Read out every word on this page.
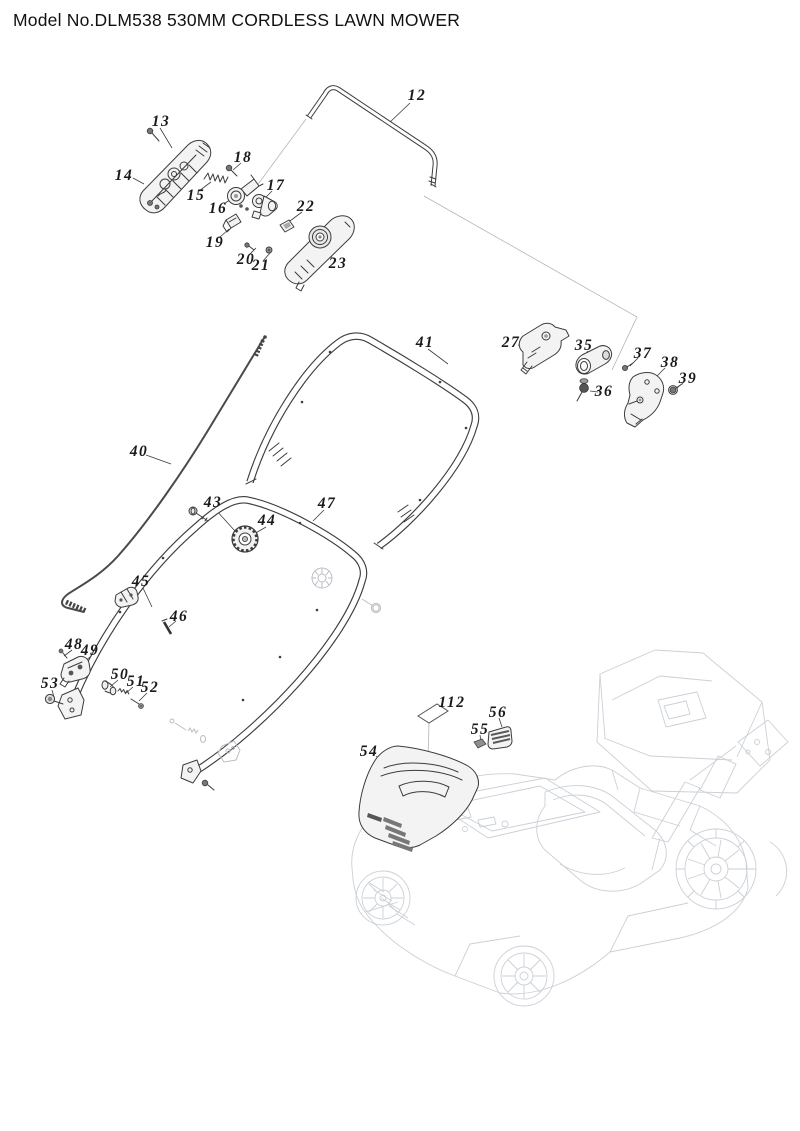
Model No.DLM538 530MM CORDLESS LAWN MOWER
12
13
14
15
16
17
18
19
20
21
22
23
27	35
36
37
38
39
40
41
43
44
45
46
47
48
49
50
51
52
53
54
55
56
112
